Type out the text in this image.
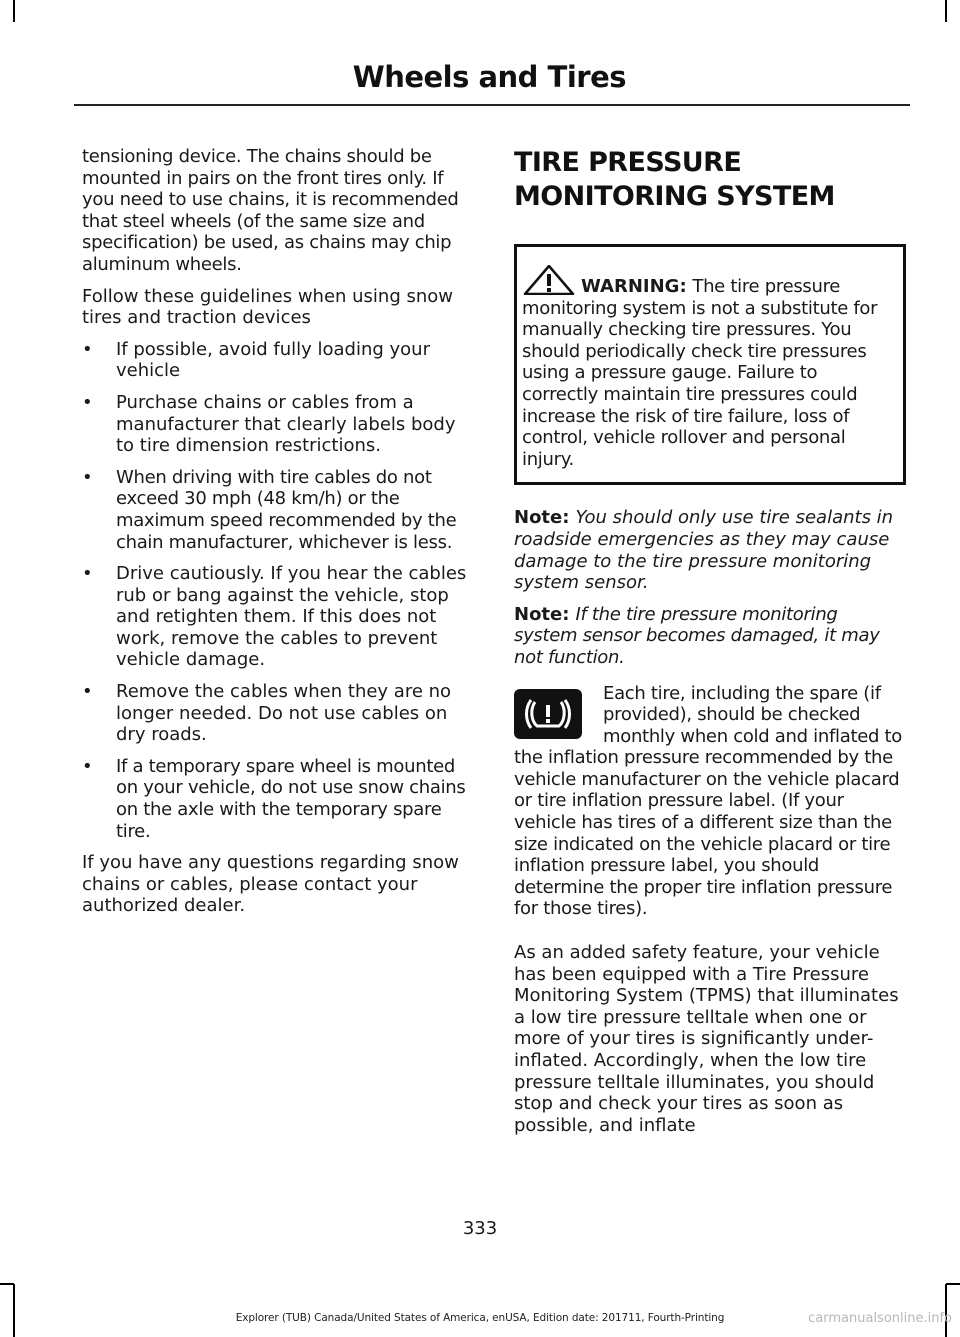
Wheels and Tires

tensioning device. The chains should be mounted in pairs on the front tires only. If you need to use chains, it is recommended that steel wheels (of the same size and specification) be used, as chains may chip aluminum wheels.

Follow these guidelines when using snow tires and traction devices

• If possible, avoid fully loading your vehicle
• Purchase chains or cables from a manufacturer that clearly labels body to tire dimension restrictions.
• When driving with tire cables do not exceed 30 mph (48 km/h) or the maximum speed recommended by the chain manufacturer, whichever is less.
• Drive cautiously. If you hear the cables rub or bang against the vehicle, stop and retighten them. If this does not work, remove the cables to prevent vehicle damage.
• Remove the cables when they are no longer needed. Do not use cables on dry roads.
• If a temporary spare wheel is mounted on your vehicle, do not use snow chains on the axle with the temporary spare tire.

If you have any questions regarding snow chains or cables, please contact your authorized dealer.

TIRE PRESSURE MONITORING SYSTEM
WARNING: The tire pressure monitoring system is not a substitute for manually checking tire pressures. You should periodically check tire pressures using a pressure gauge. Failure to correctly maintain tire pressures could increase the risk of tire failure, loss of control, vehicle rollover and personal injury.

Note: You should only use tire sealants in roadside emergencies as they may cause damage to the tire pressure monitoring system sensor.

Note: If the tire pressure monitoring system sensor becomes damaged, it may not function.

Each tire, including the spare (if provided), should be checked monthly when cold and inflated to the inflation pressure recommended by the vehicle manufacturer on the vehicle placard or tire inflation pressure label. (If your vehicle has tires of a different size than the size indicated on the vehicle placard or tire inflation pressure label, you should determine the proper tire inflation pressure for those tires).

As an added safety feature, your vehicle has been equipped with a Tire Pressure Monitoring System (TPMS) that illuminates a low tire pressure telltale when one or more of your tires is significantly under-inflated. Accordingly, when the low tire pressure telltale illuminates, you should stop and check your tires as soon as possible, and inflate

333
Explorer (TUB) Canada/United States of America, enUSA, Edition date: 201711, Fourth-Printing	carmanualsonline.info
